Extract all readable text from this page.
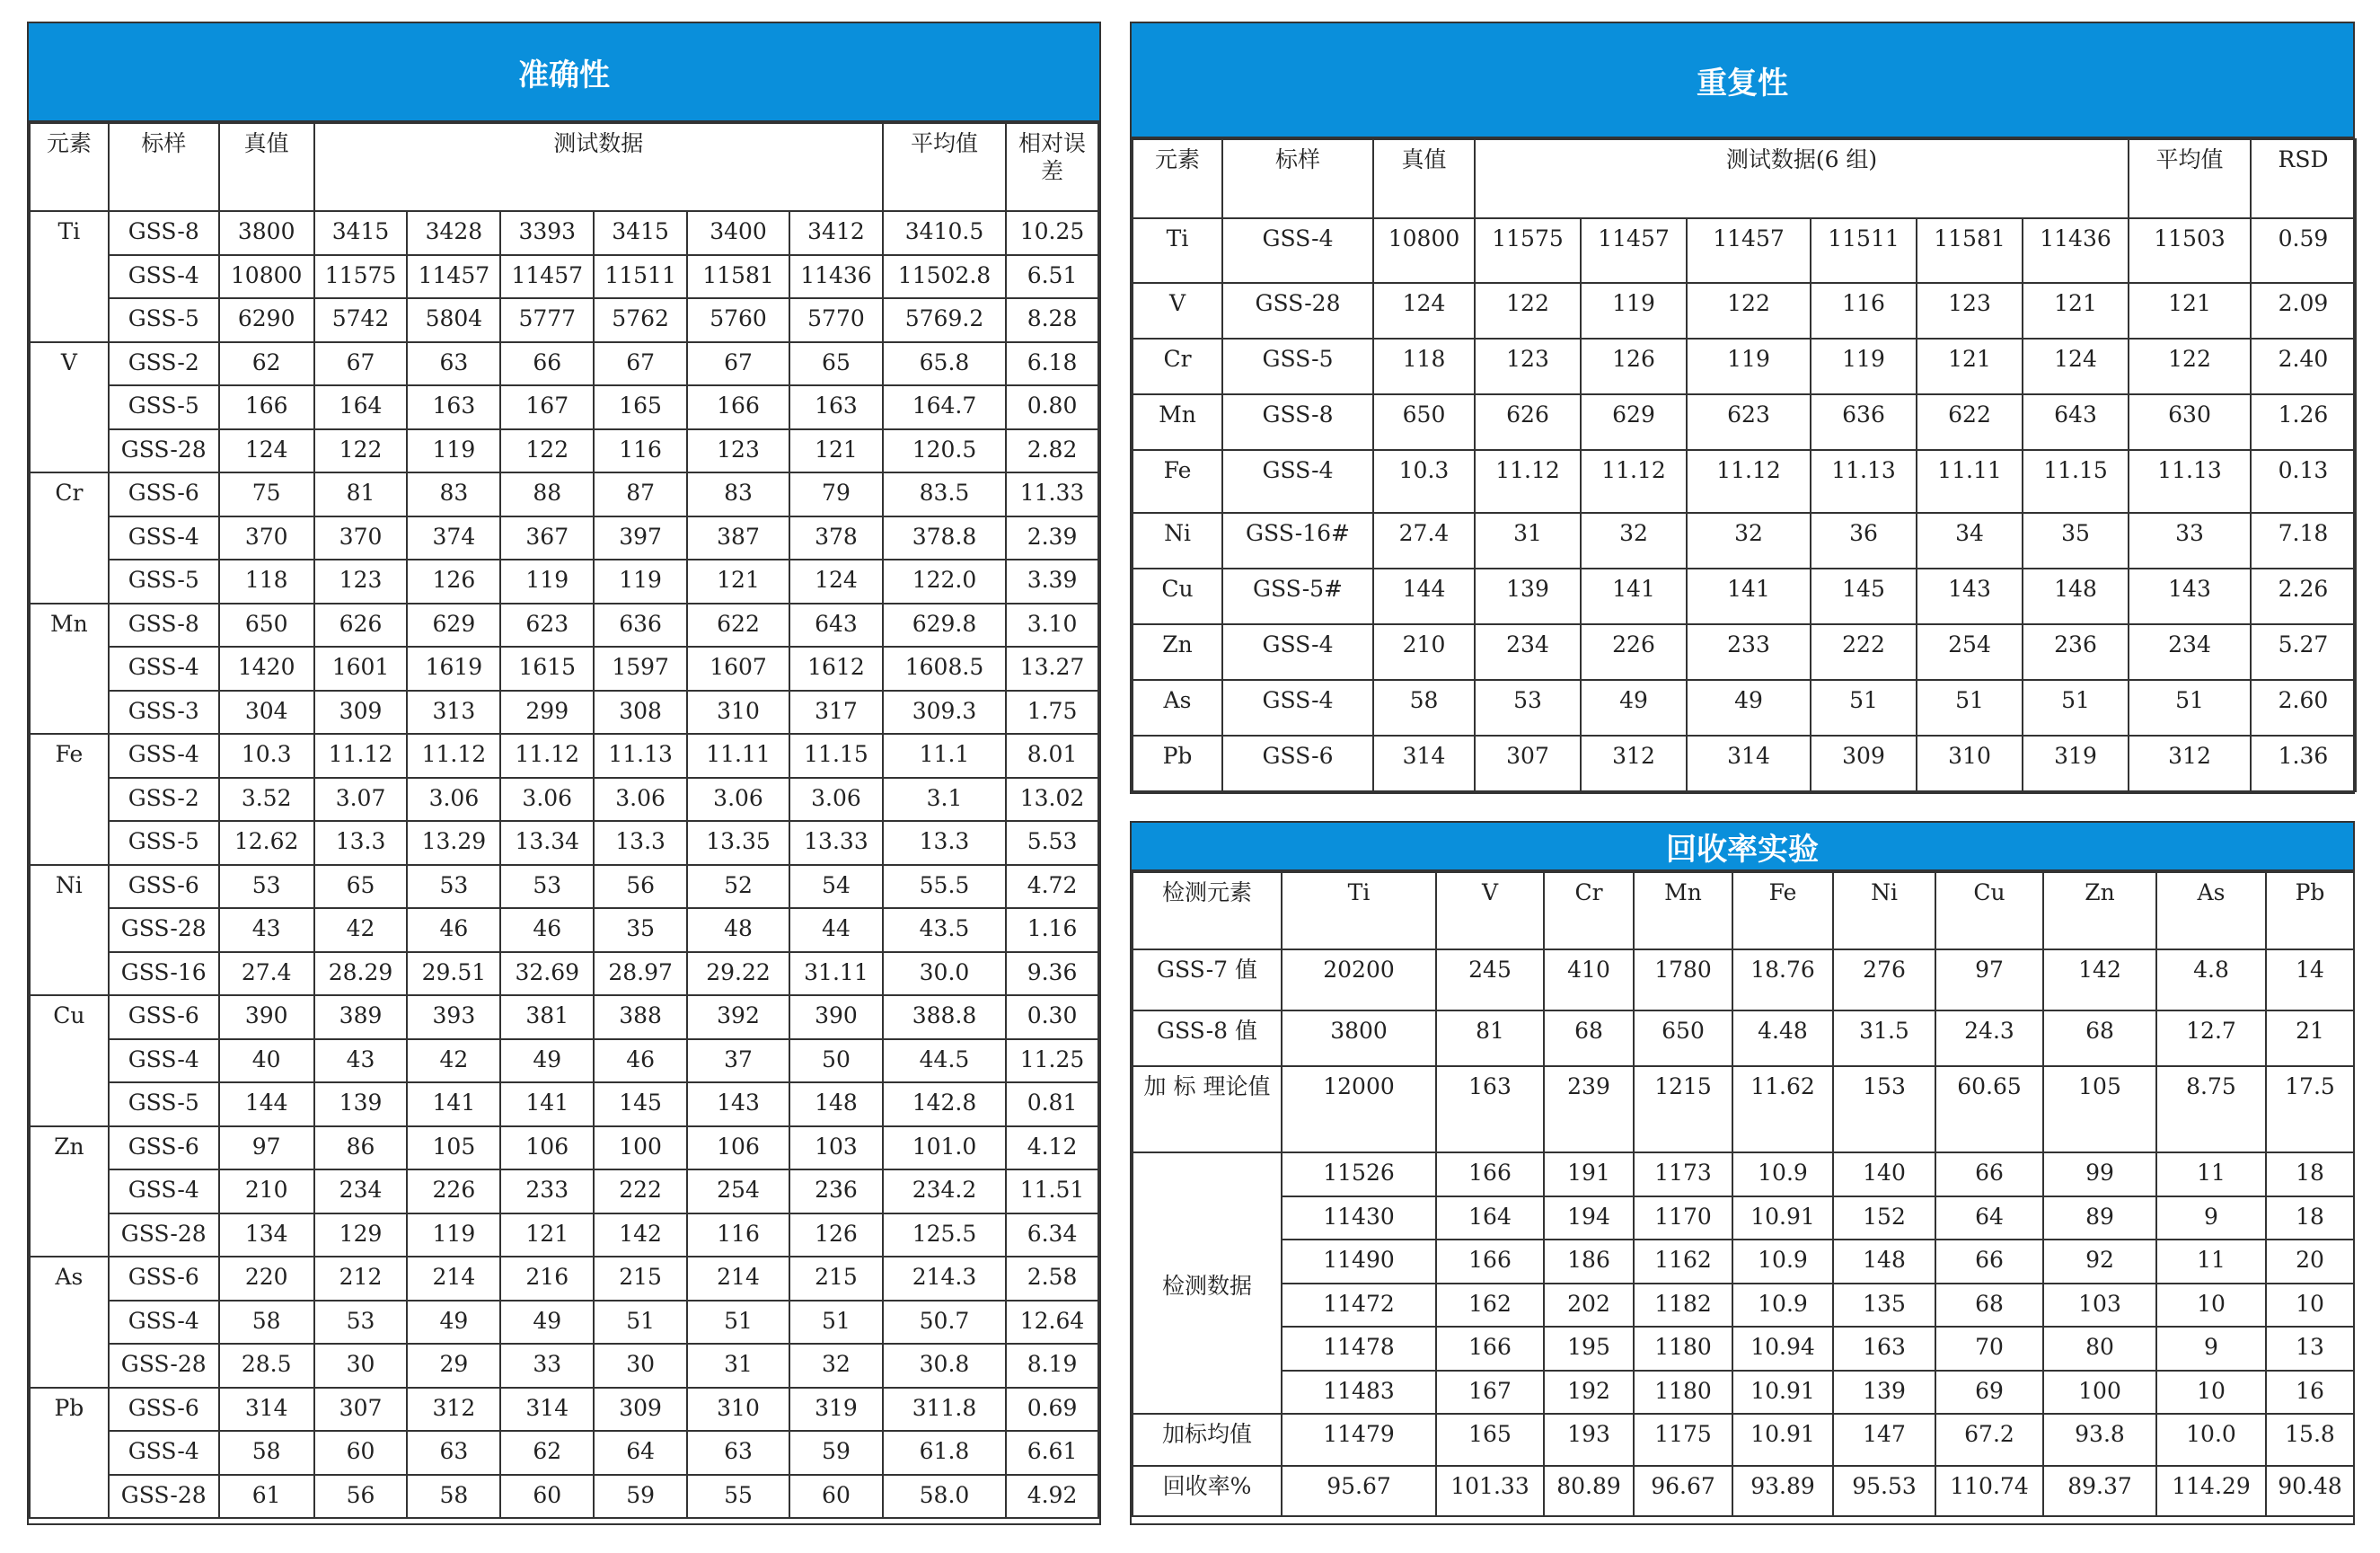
准确性
元素	标样	真值	测试数据						平均值	相对误差
Ti	GSS-8	3800	3415	3428	3393	3415	3400	3412	3410.5	10.25
	GSS-4	10800	11575	11457	11457	11511	11581	11436	11502.8	6.51
	GSS-5	6290	5742	5804	5777	5762	5760	5770	5769.2	8.28
V	GSS-2	62	67	63	66	67	67	65	65.8	6.18
	GSS-5	166	164	163	167	165	166	163	164.7	0.80
	GSS-28	124	122	119	122	116	123	121	120.5	2.82
Cr	GSS-6	75	81	83	88	87	83	79	83.5	11.33
	GSS-4	370	370	374	367	397	387	378	378.8	2.39
	GSS-5	118	123	126	119	119	121	124	122.0	3.39
Mn	GSS-8	650	626	629	623	636	622	643	629.8	3.10
	GSS-4	1420	1601	1619	1615	1597	1607	1612	1608.5	13.27
	GSS-3	304	309	313	299	308	310	317	309.3	1.75
Fe	GSS-4	10.3	11.12	11.12	11.12	11.13	11.11	11.15	11.1	8.01
	GSS-2	3.52	3.07	3.06	3.06	3.06	3.06	3.06	3.1	13.02
	GSS-5	12.62	13.3	13.29	13.34	13.3	13.35	13.33	13.3	5.53
Ni	GSS-6	53	65	53	53	56	52	54	55.5	4.72
	GSS-28	43	42	46	46	35	48	44	43.5	1.16
	GSS-16	27.4	28.29	29.51	32.69	28.97	29.22	31.11	30.0	9.36
Cu	GSS-6	390	389	393	381	388	392	390	388.8	0.30
	GSS-4	40	43	42	49	46	37	50	44.5	11.25
	GSS-5	144	139	141	141	145	143	148	142.8	0.81
Zn	GSS-6	97	86	105	106	100	106	103	101.0	4.12
	GSS-4	210	234	226	233	222	254	236	234.2	11.51
	GSS-28	134	129	119	121	142	116	126	125.5	6.34
As	GSS-6	220	212	214	216	215	214	215	214.3	2.58
	GSS-4	58	53	49	49	51	51	51	50.7	12.64
	GSS-28	28.5	30	29	33	30	31	32	30.8	8.19
Pb	GSS-6	314	307	312	314	309	310	319	311.8	0.69
	GSS-4	58	60	63	62	64	63	59	61.8	6.61
	GSS-28	61	56	58	60	59	55	60	58.0	4.92
重复性
元素	标样	真值	测试数据(6 组)						平均值	RSD
Ti	GSS-4	10800	11575	11457	11457	11511	11581	11436	11503	0.59
V	GSS-28	124	122	119	122	116	123	121	121	2.09
Cr	GSS-5	118	123	126	119	119	121	124	122	2.40
Mn	GSS-8	650	626	629	623	636	622	643	630	1.26
Fe	GSS-4	10.3	11.12	11.12	11.12	11.13	11.11	11.15	11.13	0.13
Ni	GSS-16#	27.4	31	32	32	36	34	35	33	7.18
Cu	GSS-5#	144	139	141	141	145	143	148	143	2.26
Zn	GSS-4	210	234	226	233	222	254	236	234	5.27
As	GSS-4	58	53	49	49	51	51	51	51	2.60
Pb	GSS-6	314	307	312	314	309	310	319	312	1.36
回收率实验
检测元素	Ti	V	Cr	Mn	Fe	Ni	Cu	Zn	As	Pb
GSS-7 值	20200	245	410	1780	18.76	276	97	142	4.8	14
GSS-8 值	3800	81	68	650	4.48	31.5	24.3	68	12.7	21
加 标 理论值	12000	163	239	1215	11.62	153	60.65	105	8.75	17.5
检测数据	11526	166	191	1173	10.9	140	66	99	11	18
	11430	164	194	1170	10.91	152	64	89	9	18
	11490	166	186	1162	10.9	148	66	92	11	20
	11472	162	202	1182	10.9	135	68	103	10	10
	11478	166	195	1180	10.94	163	70	80	9	13
	11483	167	192	1180	10.91	139	69	100	10	16
加标均值	11479	165	193	1175	10.91	147	67.2	93.8	10.0	15.8
回收率%	95.67	101.33	80.89	96.67	93.89	95.53	110.74	89.37	114.29	90.48
